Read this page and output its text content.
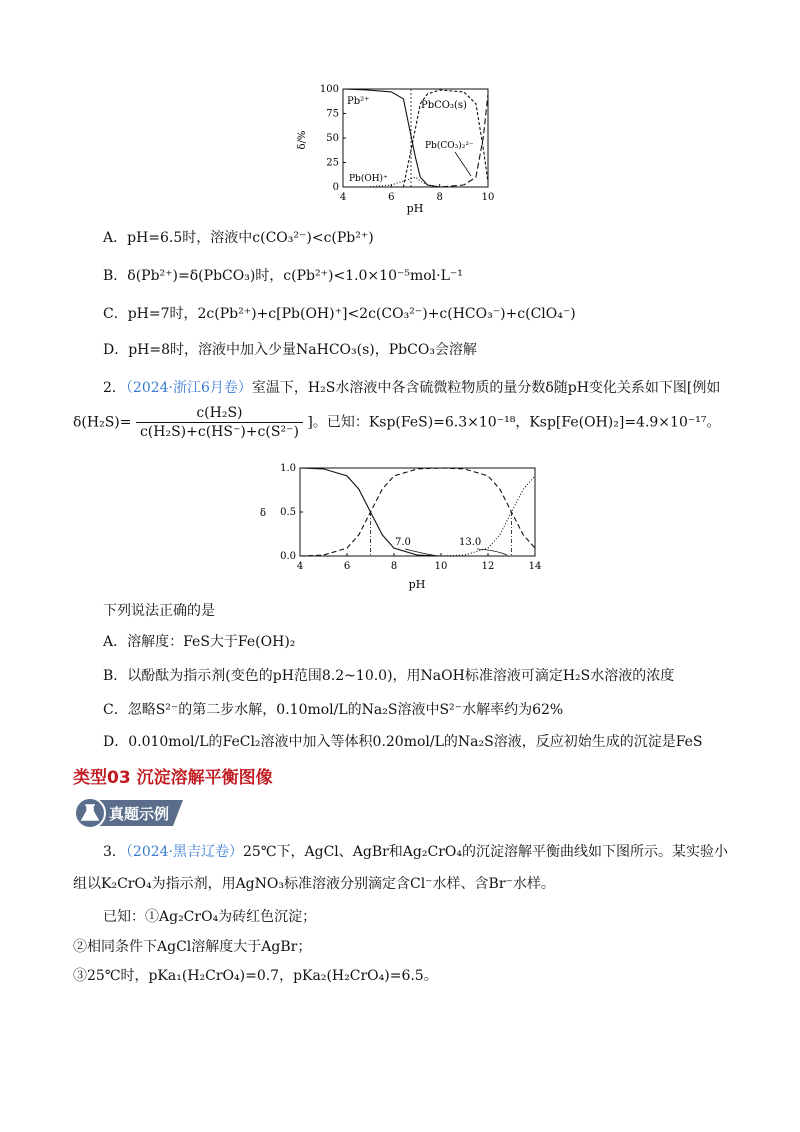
0
25
50
75
100
4	6	8	10
δ/%
pH
Pb²⁺	PbCO₃(s)
Pb(CO₃)₂²⁻
Pb(OH)⁺
A．pH=6.5时，溶液中c(CO₃²⁻)<c(Pb²⁺)
B．δ(Pb²⁺)=δ(PbCO₃)时，c(Pb²⁺)<1.0×10⁻⁵mol·L⁻¹
C．pH=7时，2c(Pb²⁺)+c[Pb(OH)⁺]<2c(CO₃²⁻)+c(HCO₃⁻)+c(ClO₄⁻)
D．pH=8时，溶液中加入少量NaHCO₃(s)，PbCO₃会溶解
2．（2024·浙江6月卷）室温下，H₂S水溶液中各含硫微粒物质的量分数δ随pH变化关系如下图[例如
$\delta(H_2S)= \frac{\text{c(H₂S)}}{\text{c(H₂S)+c(HS⁻)+c(S²⁻)}}$ ]。已知：Ksp(FeS)=6.3×10⁻¹⁸，Ksp[Fe(OH)₂]=4.9×10⁻¹⁷。
0.0
0.5
1.0
4	6	8	10	12	14
δ
pH
7.0	13.0
下列说法正确的是
A．溶解度：FeS大于Fe(OH)₂
B．以酚酞为指示剂(变色的pH范围8.2~10.0)，用NaOH标准溶液可滴定H₂S水溶液的浓度
C．忽略S²⁻的第二步水解，0.10mol/L的Na₂S溶液中S²⁻水解率约为62%
D．0.010mol/L的FeCl₂溶液中加入等体积0.20mol/L的Na₂S溶液，反应初始生成的沉淀是FeS
类型03 沉淀溶解平衡图像
真题示例
3．（2024·黑吉辽卷）25℃下，AgCl、AgBr和Ag₂CrO₄的沉淀溶解平衡曲线如下图所示。某实验小
组以K₂CrO₄为指示剂，用AgNO₃标准溶液分别滴定含Cl⁻水样、含Br⁻水样。
已知：①Ag₂CrO₄为砖红色沉淀；
②相同条件下AgCl溶解度大于AgBr；
③25℃时，pKa₁(H₂CrO₄)=0.7，pKa₂(H₂CrO₄)=6.5。
